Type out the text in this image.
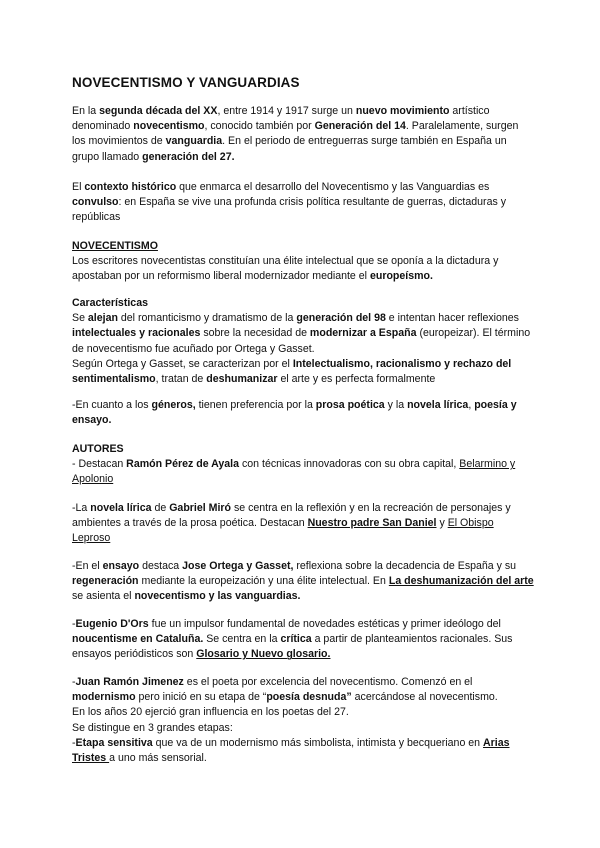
NOVECENTISMO Y VANGUARDIAS

En la segunda década del XX, entre 1914 y 1917 surge un nuevo movimiento artístico denominado novecentismo, conocido también por Generación del 14. Paralelamente, surgen los movimientos de vanguardia. En el periodo de entreguerras surge también en España un grupo llamado generación del 27.

El contexto histórico que enmarca el desarrollo del Novecentismo y las Vanguardias es convulso: en España se vive una profunda crisis política resultante de guerras, dictaduras y repúblicas

NOVECENTISMO
Los escritores novecentistas constituían una élite intelectual que se oponía a la dictadura y apostaban por un reformismo liberal modernizador mediante el europeísmo.

Características
Se alejan del romanticismo y dramatismo de la generación del 98 e intentan hacer reflexiones intelectuales y racionales sobre la necesidad de modernizar a España (europeizar). El término de novecentismo fue acuñado por Ortega y Gasset.
Según Ortega y Gasset, se caracterizan por el Intelectualismo, racionalismo y rechazo del sentimentalismo, tratan de deshumanizar el arte y es perfecta formalmente

-En cuanto a los géneros, tienen preferencia por la prosa poética y la novela lírica, poesía y ensayo.

AUTORES
- Destacan Ramón Pérez de Ayala con técnicas innovadoras con su obra capital, Belarmino y Apolonio

-La novela lírica de Gabriel Miró se centra en la reflexión y en la recreación de personajes y ambientes a través de la prosa poética. Destacan Nuestro padre San Daniel y El Obispo Leproso

-En el ensayo destaca Jose Ortega y Gasset, reflexiona sobre la decadencia de España y su regeneración mediante la europeización y una élite intelectual. En La deshumanización del arte se asienta el novecentismo y las vanguardias.

-Eugenio D'Ors fue un impulsor fundamental de novedades estéticas y primer ideólogo del noucentisme en Cataluña. Se centra en la crítica a partir de planteamientos racionales. Sus ensayos periódisticos son Glosario y Nuevo glosario.

-Juan Ramón Jimenez es el poeta por excelencia del novecentismo. Comenzó en el modernismo pero inició en su etapa de “poesía desnuda” acercándose al novecentismo.
En los años 20 ejerció gran influencia en los poetas del 27.
Se distingue en 3 grandes etapas:
-Etapa sensitiva que va de un modernismo más simbolista, intimista y becqueriano en Arias Tristes a uno más sensorial.
